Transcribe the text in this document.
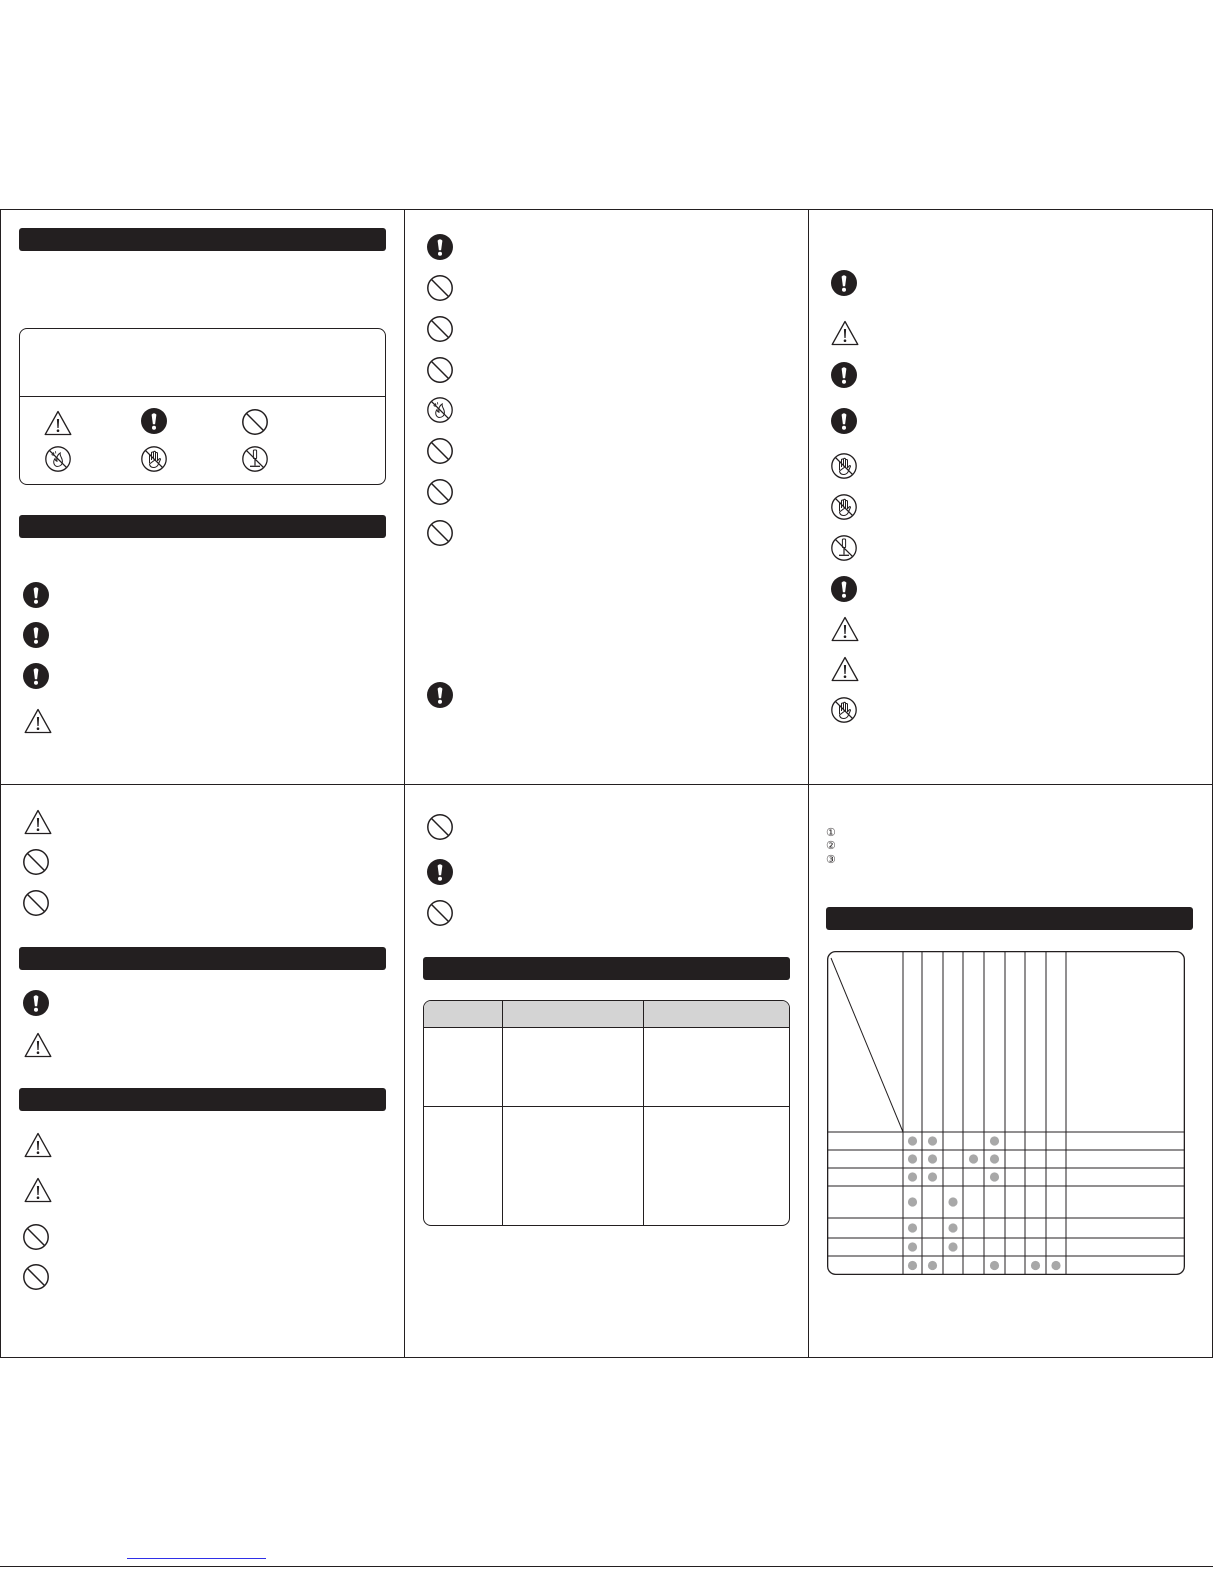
①
②
③
